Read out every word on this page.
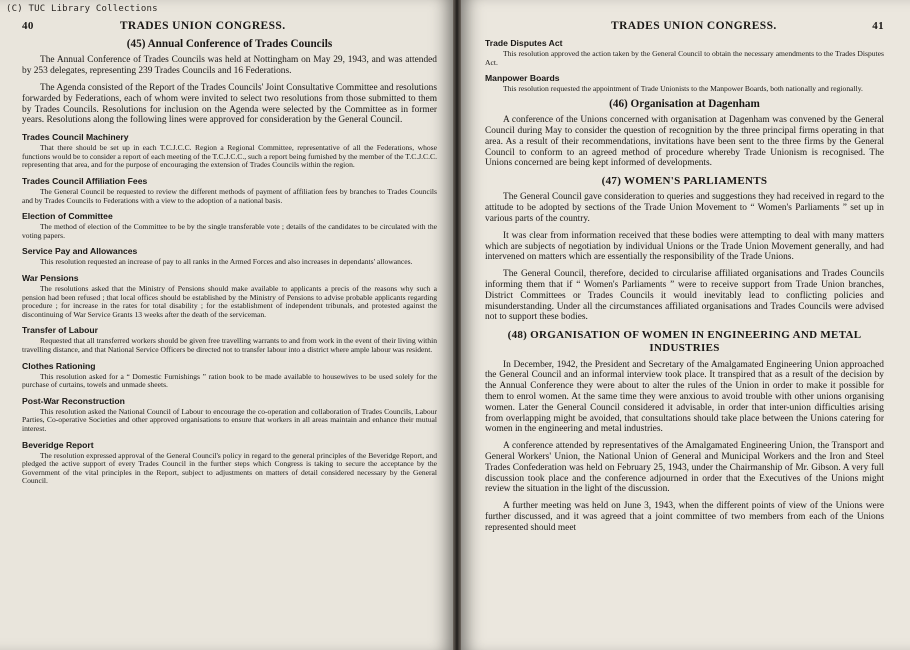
(C) TUC Library Collections
40	TRADES UNION CONGRESS.
(45) Annual Conference of Trades Councils

The Annual Conference of Trades Councils was held at Nottingham on May 29, 1943, and was attended by 253 delegates, representing 239 Trades Councils and 16 Federations.

The Agenda consisted of the Report of the Trades Councils' Joint Consultative Committee and resolutions forwarded by Federations, each of whom were invited to select two resolutions from those submitted to them by Trades Councils. Resolutions for inclusion on the Agenda were selected by the Committee as in former years. Resolutions along the following lines were approved for consideration by the General Council.

Trades Council Machinery

That there should be set up in each T.C.J.C.C. Region a Regional Committee, representative of all the Federations, whose functions would be to consider a report of each meeting of the T.C.J.C.C., such a report being furnished by the member of the T.C.J.C.C. representing that area, and for the purpose of encouraging the extension of Trades Councils within the region.

Trades Council Affiliation Fees

The General Council be requested to review the different methods of payment of affiliation fees by branches to Trades Councils and by Trades Councils to Federations with a view to the adoption of a national basis.

Election of Committee

The method of election of the Committee to be by the single transferable vote ; details of the candidates to be circulated with the voting papers.

Service Pay and Allowances

This resolution requested an increase of pay to all ranks in the Armed Forces and also increases in dependants' allowances.

War Pensions

The resolutions asked that the Ministry of Pensions should make available to applicants a precis of the reasons why such a pension had been refused ; that local offices should be established by the Ministry of Pensions to advise probable applicants regarding procedure ; for increase in the rates for total disability ; for the establishment of independent tribunals, and protested against the discontinuing of War Service Grants 13 weeks after the death of the serviceman.

Transfer of Labour

Requested that all transferred workers should be given free travelling warrants to and from work in the event of their living within travelling distance, and that National Service Officers be directed not to transfer labour into a district where ample labour was resident.

Clothes Rationing

This resolution asked for a “ Domestic Furnishings ” ration book to be made available to housewives to be used solely for the purchase of curtains, towels and unmade sheets.

Post-War Reconstruction

This resolution asked the National Council of Labour to encourage the co-operation and collaboration of Trades Councils, Labour Parties, Co-operative Societies and other approved organisations to ensure that workers in all areas maintain and enhance their mutual interest.

Beveridge Report

The resolution expressed approval of the General Council's policy in regard to the general principles of the Beveridge Report, and pledged the active support of every Trades Council in the further steps which Congress is taking to secure the acceptance by the Government of the vital principles in the Report, subject to adjustments on matters of detail considered necessary by the General Council.

TRADES UNION CONGRESS.	41
Trade Disputes Act

This resolution approved the action taken by the General Council to obtain the necessary amendments to the Trades Disputes Act.

Manpower Boards

This resolution requested the appointment of Trade Unionists to the Manpower Boards, both nationally and regionally.

(46) Organisation at Dagenham

A conference of the Unions concerned with organisation at Dagenham was convened by the General Council during May to consider the question of recognition by the three principal firms operating in that area. As a result of their recommendations, invitations have been sent to the three firms by the General Council to conform to an agreed method of procedure whereby Trade Unionism is recognised. The Unions concerned are being kept informed of developments.

(47) WOMEN'S PARLIAMENTS

The General Council gave consideration to queries and suggestions they had received in regard to the attitude to be adopted by sections of the Trade Union Movement to “ Women's Parliaments ” set up in various parts of the country.

It was clear from information received that these bodies were attempting to deal with many matters which are subjects of negotiation by individual Unions or the Trade Union Movement generally, and had intervened on matters which are essentially the responsibility of the Trade Unions.

The General Council, therefore, decided to circularise affiliated organisations and Trades Councils informing them that if “ Women's Parliaments ” were to receive support from Trade Union branches, District Committees or Trades Councils it would inevitably lead to conflicting policies and misunderstanding. Under all the circumstances affiliated organisations and Trades Councils were advised not to support these bodies.

(48) ORGANISATION OF WOMEN IN ENGINEERING AND METAL INDUSTRIES

In December, 1942, the President and Secretary of the Amalgamated Engineering Union approached the General Council and an informal interview took place. It transpired that as a result of the decision by the Annual Conference they were about to alter the rules of the Union in order to make it possible for them to enrol women. At the same time they were anxious to avoid trouble with other unions organising women. Later the General Council considered it advisable, in order that inter-union difficulties arising from overlapping might be avoided, that consultations should take place between the Unions catering for women in the engineering and metal industries.

A conference attended by representatives of the Amalgamated Engineering Union, the Transport and General Workers' Union, the National Union of General and Municipal Workers and the Iron and Steel Trades Confederation was held on February 25, 1943, under the Chairmanship of Mr. Gibson. A very full discussion took place and the conference adjourned in order that the Executives of the Unions might review the situation in the light of the discussion.

A further meeting was held on June 3, 1943, when the different points of view of the Unions were further discussed, and it was agreed that a joint committee of two members from each of the Unions represented should meet
